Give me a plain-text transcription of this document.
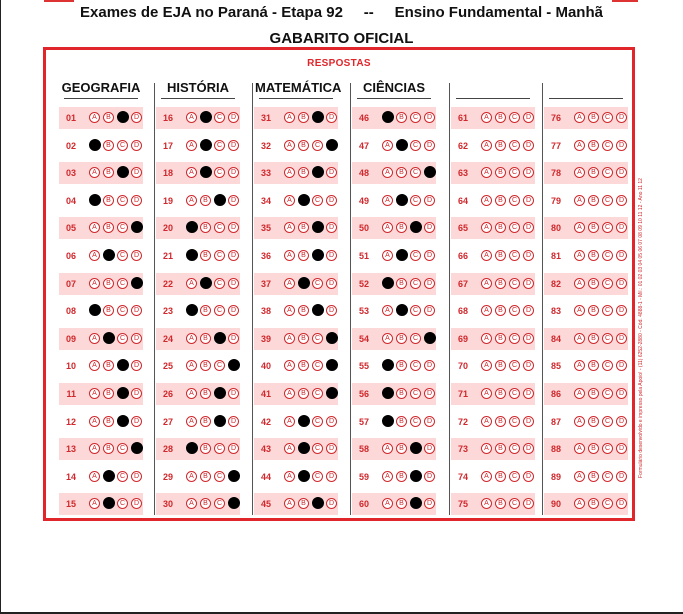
Exames de EJA no Paraná - Etapa 92 -- Ensino Fundamental - Manhã
GABARITO OFICIAL
RESPOSTAS
GEOGRAFIA
01	A	B	C	D
02	A	B	C	D
03	A	B	C	D
04	A	B	C	D
05	A	B	C	D
06	A	B	C	D
07	A	B	C	D
08	A	B	C	D
09	A	B	C	D
10	A	B	C	D
11	A	B	C	D
12	A	B	C	D
13	A	B	C	D
14	A	B	C	D
15	A	B	C	D
HISTÓRIA
16	A	B	C	D
17	A	B	C	D
18	A	B	C	D
19	A	B	C	D
20	A	B	C	D
21	A	B	C	D
22	A	B	C	D
23	A	B	C	D
24	A	B	C	D
25	A	B	C	D
26	A	B	C	D
27	A	B	C	D
28	A	B	C	D
29	A	B	C	D
30	A	B	C	D
MATEMÁTICA
31	A	B	C	D
32	A	B	C	D
33	A	B	C	D
34	A	B	C	D
35	A	B	C	D
36	A	B	C	D
37	A	B	C	D
38	A	B	C	D
39	A	B	C	D
40	A	B	C	D
41	A	B	C	D
42	A	B	C	D
43	A	B	C	D
44	A	B	C	D
45	A	B	C	D
CIÊNCIAS
46	A	B	C	D
47	A	B	C	D
48	A	B	C	D
49	A	B	C	D
50	A	B	C	D
51	A	B	C	D
52	A	B	C	D
53	A	B	C	D
54	A	B	C	D
55	A	B	C	D
56	A	B	C	D
57	A	B	C	D
58	A	B	C	D
59	A	B	C	D
60	A	B	C	D
61	A	B	C	D
62	A	B	C	D
63	A	B	C	D
64	A	B	C	D
65	A	B	C	D
66	A	B	C	D
67	A	B	C	D
68	A	B	C	D
69	A	B	C	D
70	A	B	C	D
71	A	B	C	D
72	A	B	C	D
73	A	B	C	D
74	A	B	C	D
75	A	B	C	D
76	A	B	C	D
77	A	B	C	D
78	A	B	C	D
79	A	B	C	D
80	A	B	C	D
81	A	B	C	D
82	A	B	C	D
83	A	B	C	D
84	A	B	C	D
85	A	B	C	D
86	A	B	C	D
87	A	B	C	D
88	A	B	C	D
89	A	B	C	D
90	A	B	C	D
Formulário desenvolvido e impresso pela Apoio! - (11) 6252-2880 - Cód. 4888-1 - Mil.: 01 02 03 04 05 06 07 08 09 10 11 12 - Ano 11 12
